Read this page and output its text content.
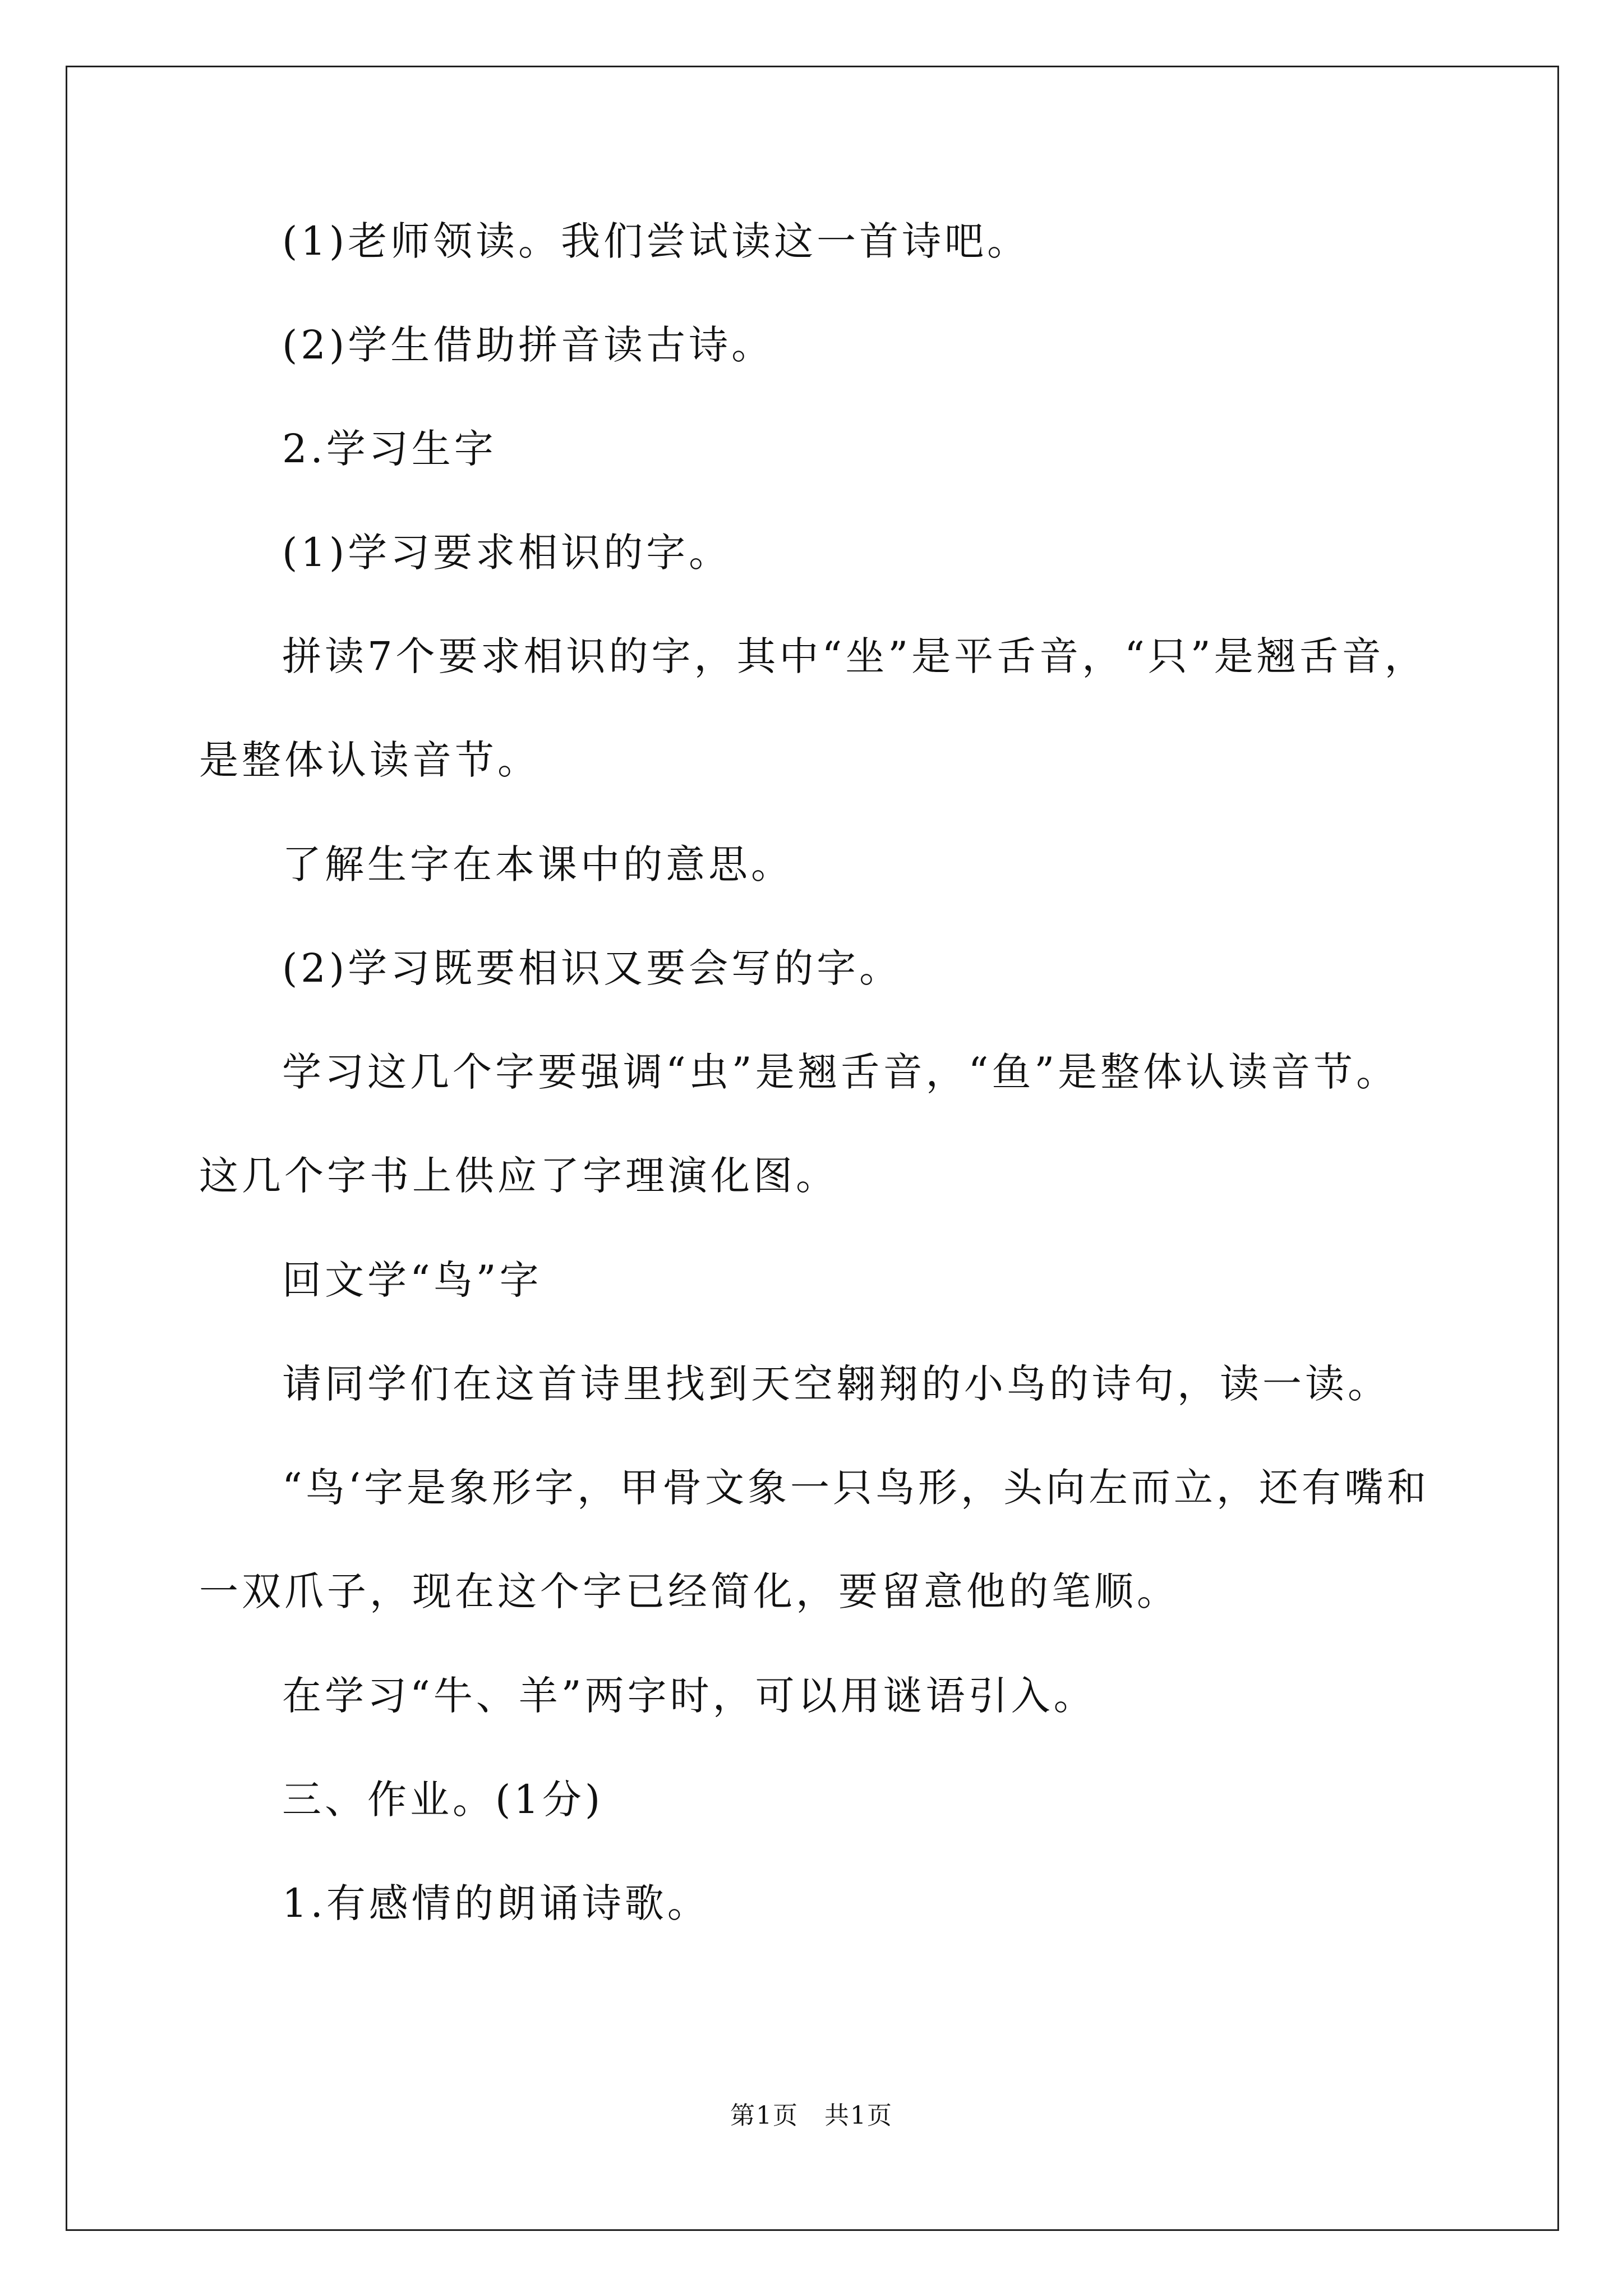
(1)老师领读。我们尝试读这一首诗吧。

(2)学生借助拼音读古诗。

2.学习生字

(1)学习要求相识的字。

拼读7个要求相识的字，其中“坐”是平舌音，“只”是翘舌音，是整体认读音节。

了解生字在本课中的意思。

(2)学习既要相识又要会写的字。

学习这几个字要强调“虫”是翘舌音，“鱼”是整体认读音节。这几个字书上供应了字理演化图。

回文学“鸟”字

请同学们在这首诗里找到天空翱翔的小鸟的诗句，读一读。

“鸟‘字是象形字，甲骨文象一只鸟形，头向左而立，还有嘴和一双爪子，现在这个字已经简化，要留意他的笔顺。

在学习“牛、羊”两字时，可以用谜语引入。

三、作业。(1分)

1.有感情的朗诵诗歌。

第1页　共1页
